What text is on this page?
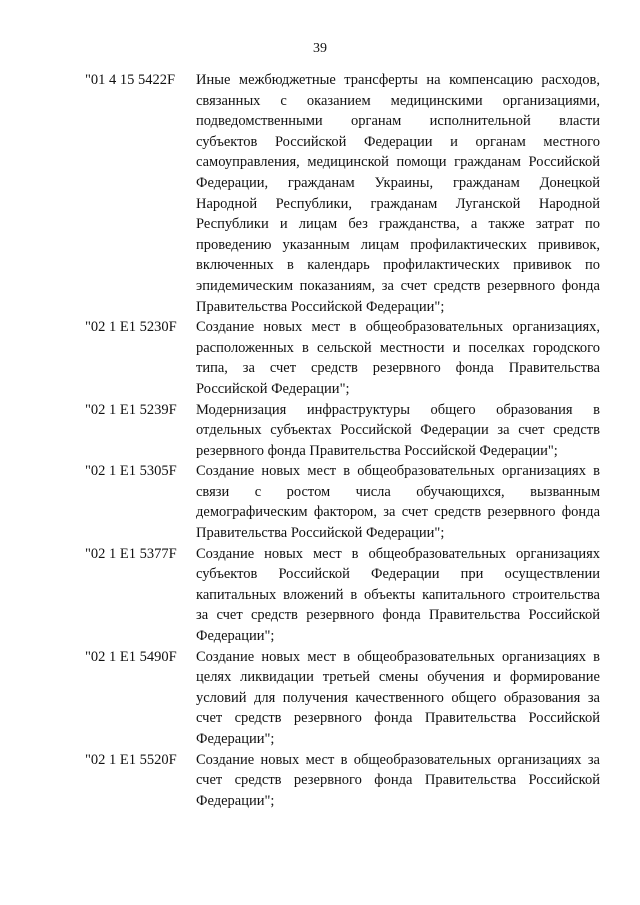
39
"01 4 15 5422F Иные межбюджетные трансферты на компенсацию расходов,
связанных с оказанием медицинскими организациями,
подведомственными органам исполнительной власти
субъектов Российской Федерации и органам местного
самоуправления, медицинской помощи гражданам Российской
Федерации, гражданам Украины, гражданам Донецкой
Народной Республики, гражданам Луганской Народной
Республики и лицам без гражданства, а также затрат по
проведению указанным лицам профилактических прививок,
включенных в календарь профилактических прививок по
эпидемическим показаниям, за счет средств резервного фонда
Правительства Российской Федерации";
"02 1 E1 5230F Создание новых мест в общеобразовательных организациях,
расположенных в сельской местности и поселках городского
типа, за счет средств резервного фонда Правительства
Российской Федерации";
"02 1 E1 5239F Модернизация инфраструктуры общего образования в
отдельных субъектах Российской Федерации за счет средств
резервного фонда Правительства Российской Федерации";
"02 1 E1 5305F Создание новых мест в общеобразовательных организациях в
связи с ростом числа обучающихся, вызванным
демографическим фактором, за счет средств резервного фонда
Правительства Российской Федерации";
"02 1 E1 5377F Создание новых мест в общеобразовательных организациях
субъектов Российской Федерации при осуществлении
капитальных вложений в объекты капитального строительства
за счет средств резервного фонда Правительства Российской
Федерации";
"02 1 E1 5490F Создание новых мест в общеобразовательных организациях в
целях ликвидации третьей смены обучения и формирование
условий для получения качественного общего образования за
счет средств резервного фонда Правительства Российской
Федерации";
"02 1 E1 5520F Создание новых мест в общеобразовательных организациях за
счет средств резервного фонда Правительства Российской
Федерации";
